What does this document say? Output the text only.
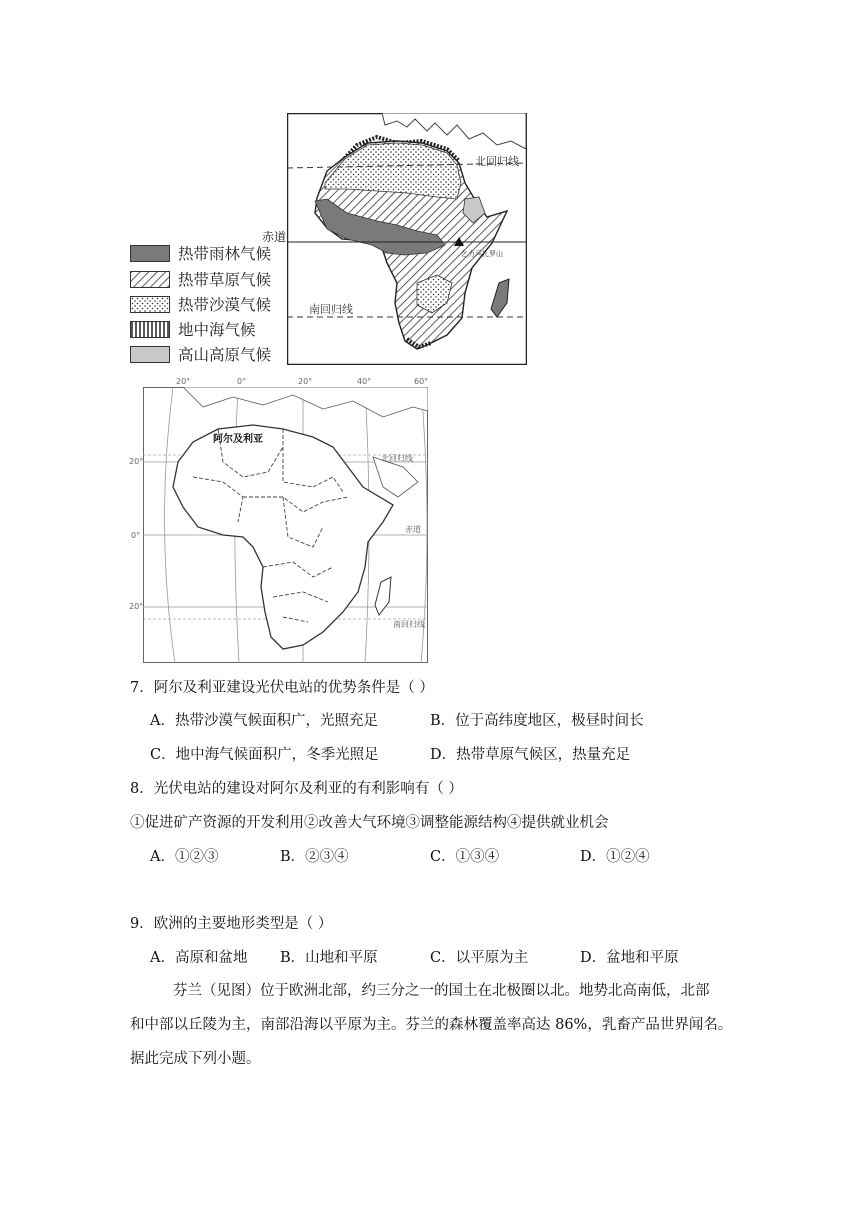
热带雨林气候
热带草原气候
热带沙漠气候
地中海气候
高山高原气候
乞力马扎罗山
北回归线
南回归线
赤道
阿尔及利亚
北回归线
赤道
南回归线
20°	0°	20°	40°	60°
20°
0°
20°
7．阿尔及利亚建设光伏电站的优势条件是（ ）
A．热带沙漠气候面积广，光照充足	B．位于高纬度地区，极昼时间长
C．地中海气候面积广，冬季光照足	D．热带草原气候区，热量充足
8．光伏电站的建设对阿尔及利亚的有利影响有（ ）
①促进矿产资源的开发利用②改善大气环境③调整能源结构④提供就业机会
A．①②③	B．②③④	C．①③④	D．①②④
9．欧洲的主要地形类型是（ ）
A．高原和盆地 B．山地和平原	C．以平原为主	D．盆地和平原
芬兰（见图）位于欧洲北部，约三分之一的国土在北极圈以北。地势北高南低，北部
和中部以丘陵为主，南部沿海以平原为主。芬兰的森林覆盖率高达 86%，乳畜产品世界闻名。
据此完成下列小题。
